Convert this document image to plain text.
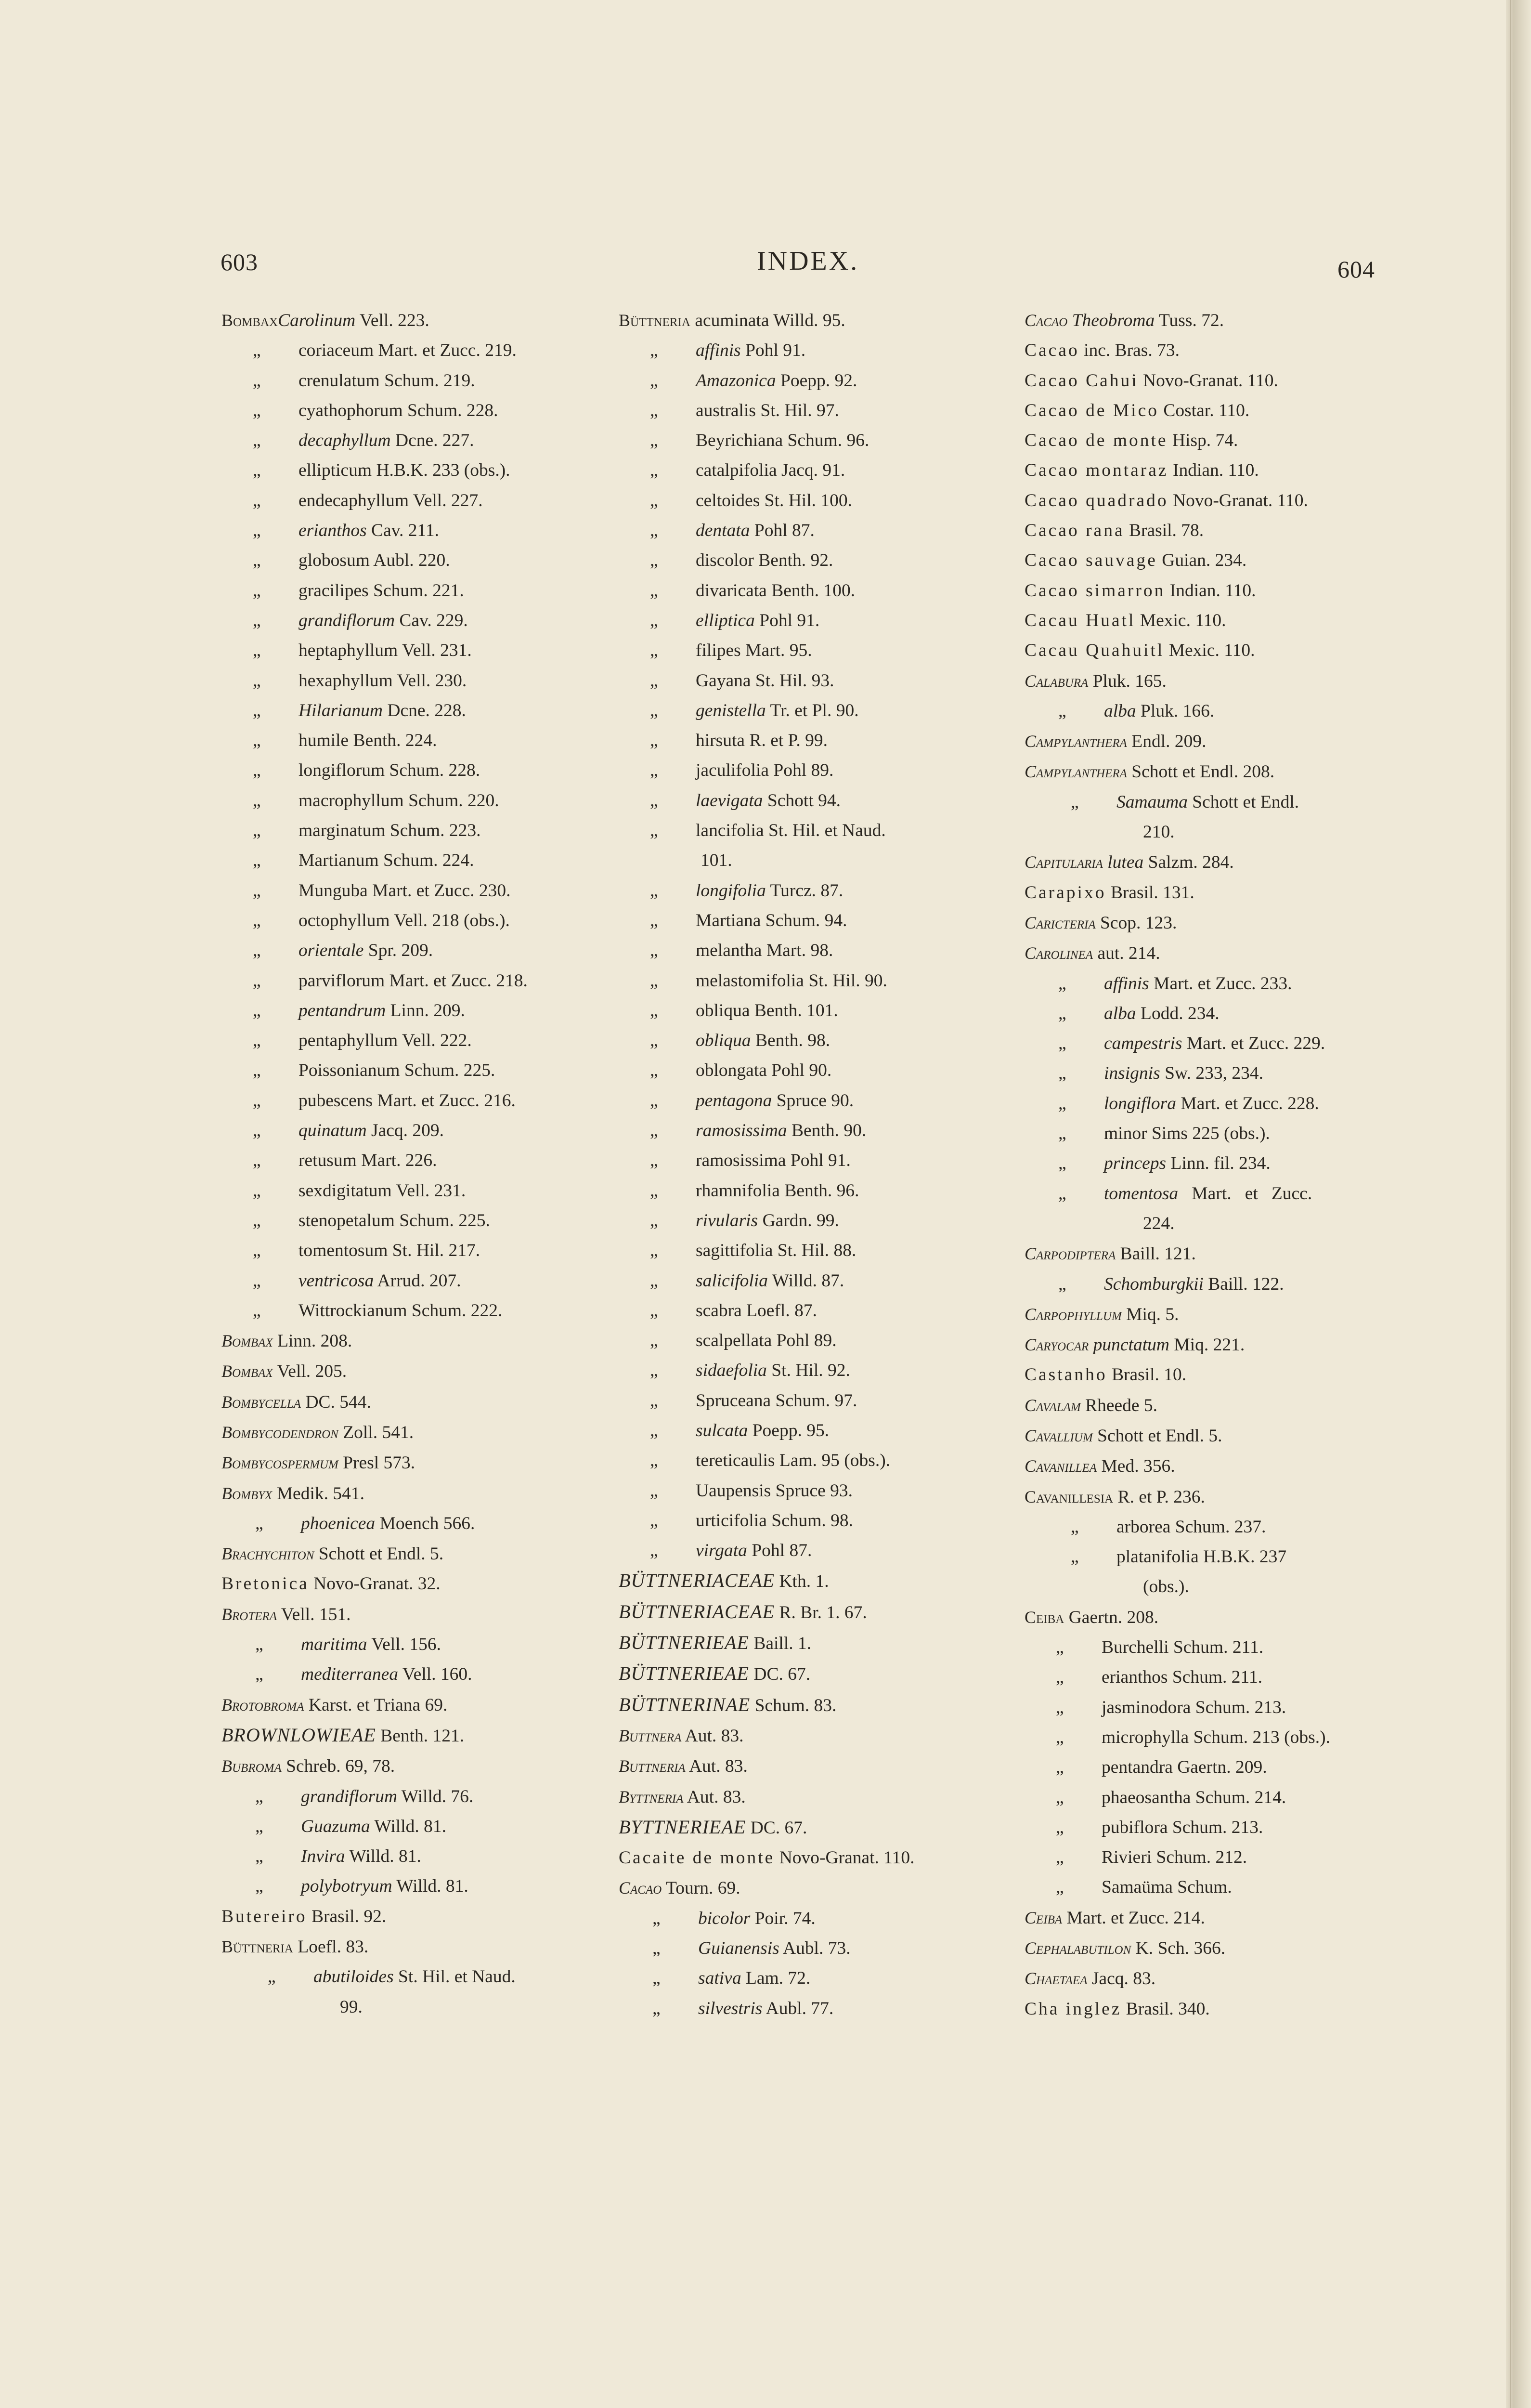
603	INDEX.	604
BombaxCarolinum Vell. 223.
„ coriaceum Mart. et Zucc. 219.
„ crenulatum Schum. 219.
„ cyathophorum Schum. 228.
„ decaphyllum Dcne. 227.
„ ellipticum H.B.K. 233 (obs.).
„ endecaphyllum Vell. 227.
„ erianthos Cav. 211.
„ globosum Aubl. 220.
„ gracilipes Schum. 221.
„ grandiflorum Cav. 229.
„ heptaphyllum Vell. 231.
„ hexaphyllum Vell. 230.
„ Hilarianum Dcne. 228.
„ humile Benth. 224.
„ longiflorum Schum. 228.
„ macrophyllum Schum. 220.
„ marginatum Schum. 223.
„ Martianum Schum. 224.
„ Munguba Mart. et Zucc. 230.
„ octophyllum Vell. 218 (obs.).
„ orientale Spr. 209.
„ parviflorum Mart. et Zucc. 218.
„ pentandrum Linn. 209.
„ pentaphyllum Vell. 222.
„ Poissonianum Schum. 225.
„ pubescens Mart. et Zucc. 216.
„ quinatum Jacq. 209.
„ retusum Mart. 226.
„ sexdigitatum Vell. 231.
„ stenopetalum Schum. 225.
„ tomentosum St. Hil. 217.
„ ventricosa Arrud. 207.
„ Wittrockianum Schum. 222.
Bombax Linn. 208.
Bombax Vell. 205.
Bombycella DC. 544.
Bombycodendron Zoll. 541.
Bombycospermum Presl 573.
Bombyx Medik. 541.
„ phoenicea Moench 566.
Brachychiton Schott et Endl. 5.
Bretonica Novo-Granat. 32.
Brotera Vell. 151.
„ maritima Vell. 156.
„ mediterranea Vell. 160.
Brotobroma Karst. et Triana 69.
BROWNLOWIEAE Benth. 121.
Bubroma Schreb. 69, 78.
„ grandiflorum Willd. 76.
„ Guazuma Willd. 81.
„ Invira Willd. 81.
„ polybotryum Willd. 81.
Butereiro Brasil. 92.
Büttneria Loefl. 83.
„ abutiloides St. Hil. et Naud.
99.
Büttneria acuminata Willd. 95.
„ affinis Pohl 91.
„ Amazonica Poepp. 92.
„ australis St. Hil. 97.
„ Beyrichiana Schum. 96.
„ catalpifolia Jacq. 91.
„ celtoides St. Hil. 100.
„ dentata Pohl 87.
„ discolor Benth. 92.
„ divaricata Benth. 100.
„ elliptica Pohl 91.
„ filipes Mart. 95.
„ Gayana St. Hil. 93.
„ genistella Tr. et Pl. 90.
„ hirsuta R. et P. 99.
„ jaculifolia Pohl 89.
„ laevigata Schott 94.
„ lancifolia St. Hil. et Naud.
101.
„ longifolia Turcz. 87.
„ Martiana Schum. 94.
„ melantha Mart. 98.
„ melastomifolia St. Hil. 90.
„ obliqua Benth. 101.
„ obliqua Benth. 98.
„ oblongata Pohl 90.
„ pentagona Spruce 90.
„ ramosissima Benth. 90.
„ ramosissima Pohl 91.
„ rhamnifolia Benth. 96.
„ rivularis Gardn. 99.
„ sagittifolia St. Hil. 88.
„ salicifolia Willd. 87.
„ scabra Loefl. 87.
„ scalpellata Pohl 89.
„ sidaefolia St. Hil. 92.
„ Spruceana Schum. 97.
„ sulcata Poepp. 95.
„ tereticaulis Lam. 95 (obs.).
„ Uaupensis Spruce 93.
„ urticifolia Schum. 98.
„ virgata Pohl 87.
BÜTTNERIACEAE Kth. 1.
BÜTTNERIACEAE R. Br. 1. 67.
BÜTTNERIEAE Baill. 1.
BÜTTNERIEAE DC. 67.
BÜTTNERINAE Schum. 83.
Buttnera Aut. 83.
Buttneria Aut. 83.
Byttneria Aut. 83.
BYTTNERIEAE DC. 67.
Cacaite de monte Novo-Granat. 110.
Cacao Tourn. 69.
„ bicolor Poir. 74.
„ Guianensis Aubl. 73.
„ sativa Lam. 72.
„ silvestris Aubl. 77.
Cacao Theobroma Tuss. 72.
Cacao inc. Bras. 73.
Cacao Cahui Novo-Granat. 110.
Cacao de Mico Costar. 110.
Cacao de monte Hisp. 74.
Cacao montaraz Indian. 110.
Cacao quadrado Novo-Granat. 110.
Cacao rana Brasil. 78.
Cacao sauvage Guian. 234.
Cacao simarron Indian. 110.
Cacau Huatl Mexic. 110.
Cacau Quahuitl Mexic. 110.
Calabura Pluk. 165.
„ alba Pluk. 166.
Campylanthera Endl. 209.
Campylanthera Schott et Endl. 208.
„ Samauma Schott et Endl.
210.
Capitularia lutea Salzm. 284.
Carapixo Brasil. 131.
Caricteria Scop. 123.
Carolinea aut. 214.
„ affinis Mart. et Zucc. 233.
„ alba Lodd. 234.
„ campestris Mart. et Zucc. 229.
„ insignis Sw. 233, 234.
„ longiflora Mart. et Zucc. 228.
„ minor Sims 225 (obs.).
„ princeps Linn. fil. 234.
„ tomentosa   Mart.   et   Zucc.
224.
Carpodiptera Baill. 121.
„ Schomburgkii Baill. 122.
Carpophyllum Miq. 5.
Caryocar punctatum Miq. 221.
Castanho Brasil. 10.
Cavalam Rheede 5.
Cavallium Schott et Endl. 5.
Cavanillea Med. 356.
Cavanillesia R. et P. 236.
„ arborea Schum. 237.
„ platanifolia H.B.K. 237
(obs.).
Ceiba Gaertn. 208.
„ Burchelli Schum. 211.
„ erianthos Schum. 211.
„ jasminodora Schum. 213.
„ microphylla Schum. 213 (obs.).
„ pentandra Gaertn. 209.
„ phaeosantha Schum. 214.
„ pubiflora Schum. 213.
„ Rivieri Schum. 212.
„ Samaüma Schum.
Ceiba Mart. et Zucc. 214.
Cephalabutilon K. Sch. 366.
Chaetaea Jacq. 83.
Cha inglez Brasil. 340.
